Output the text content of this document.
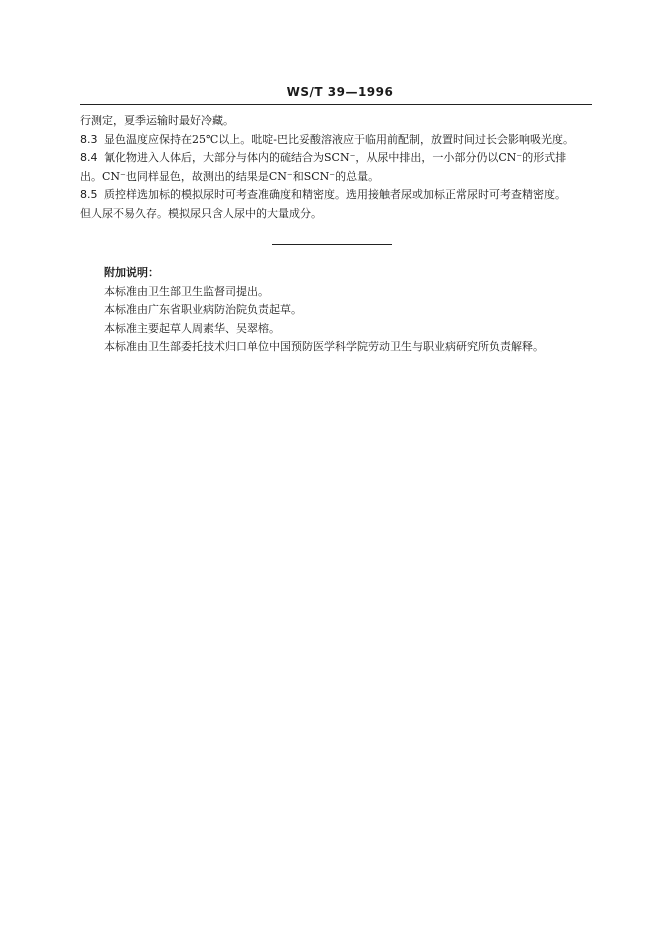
WS/T 39—1996
行测定，夏季运输时最好冷藏。
8.3 显色温度应保持在25℃以上。吡啶-巴比妥酸溶液应于临用前配制，放置时间过长会影响吸光度。
8.4 氰化物进入人体后，大部分与体内的硫结合为SCN⁻，从尿中排出，一小部分仍以CN⁻的形式排
出。CN⁻也同样显色，故测出的结果是CN⁻和SCN⁻的总量。
8.5 质控样选加标的模拟尿时可考查准确度和精密度。选用接触者尿或加标正常尿时可考查精密度。
但人尿不易久存。模拟尿只含人尿中的大量成分。
附加说明：
本标准由卫生部卫生监督司提出。
本标准由广东省职业病防治院负责起草。
本标准主要起草人周素华、吴翠榕。
本标准由卫生部委托技术归口单位中国预防医学科学院劳动卫生与职业病研究所负责解释。
